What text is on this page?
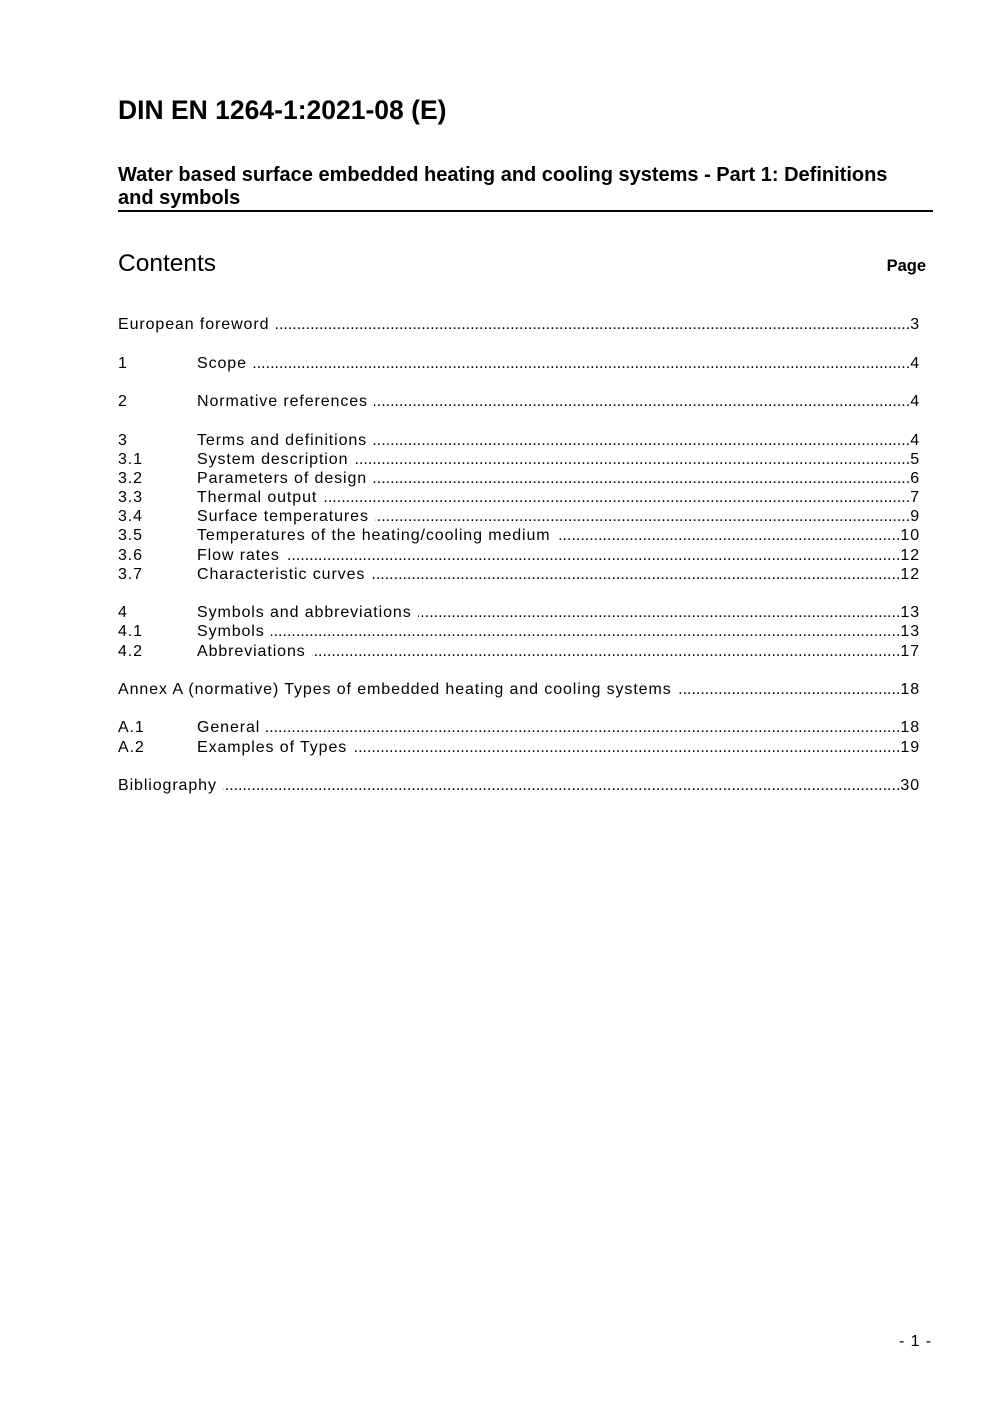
DIN EN 1264-1:2021-08 (E)
Water based surface embedded heating and cooling systems - Part 1: Definitions and symbols
Contents	Page
European foreword .....	3
1	Scope .....	4
2	Normative references .....	4
3	Terms and definitions .....	4
3.1	System description .....	5
3.2	Parameters of design .....	6
3.3	Thermal output .....	7
3.4	Surface temperatures .....	9
3.5	Temperatures of the heating/cooling medium .....	10
3.6	Flow rates .....	12
3.7	Characteristic curves .....	12
4	Symbols and abbreviations .....	13
4.1	Symbols .....	13
4.2	Abbreviations .....	17
Annex A (normative) Types of embedded heating and cooling systems .....	18
A.1	General .....	18
A.2	Examples of Types .....	19
Bibliography .....	30
- 1 -
